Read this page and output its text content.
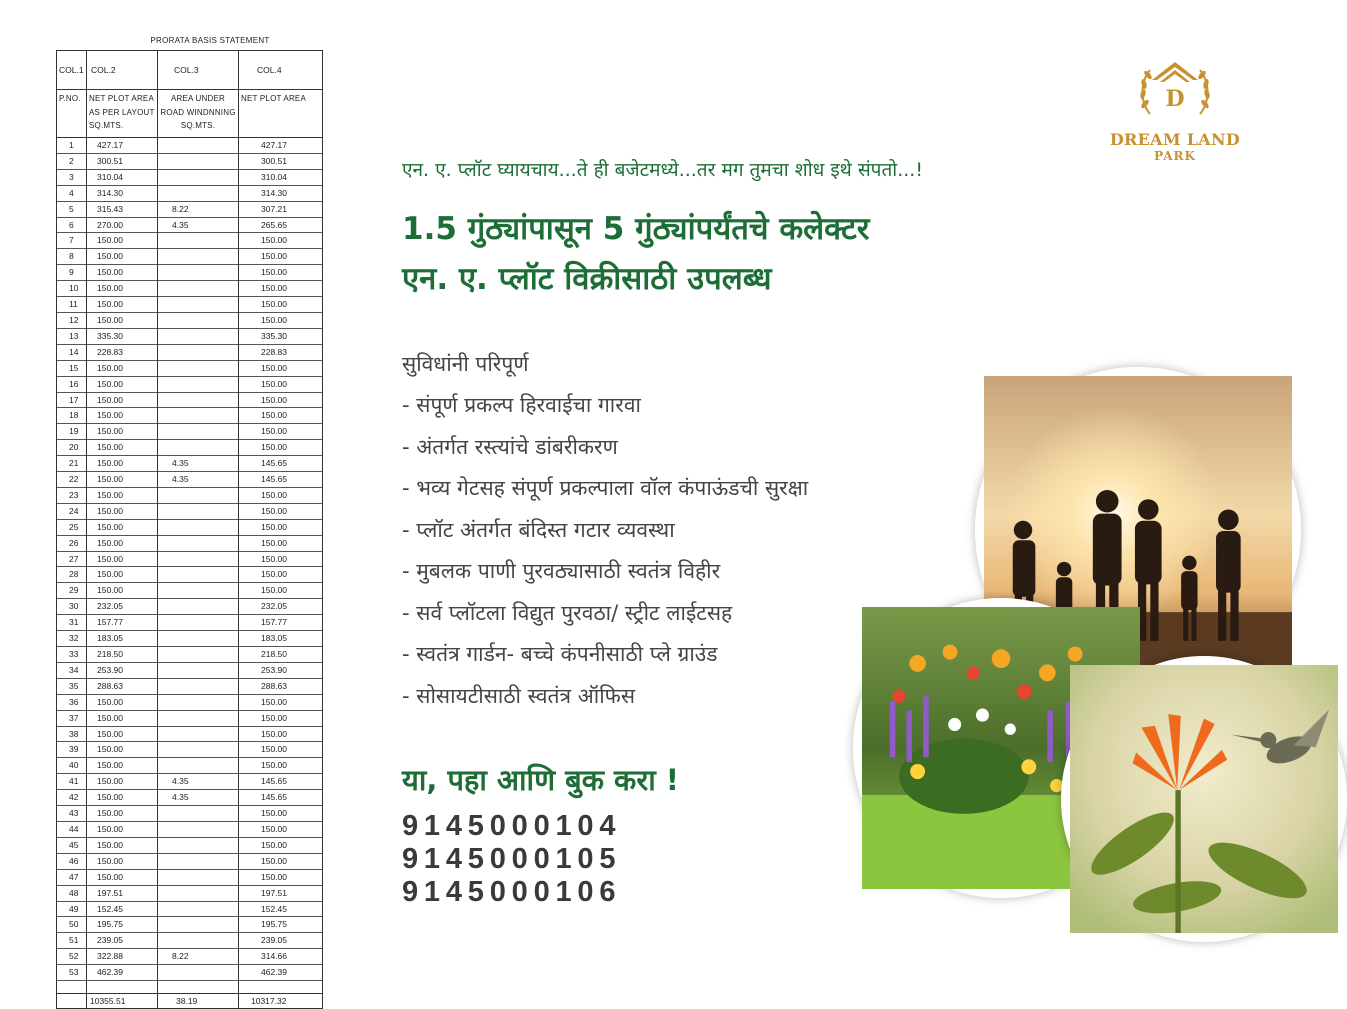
PRORATA BASIS STATEMENT
COL.1	COL.2	COL.3	COL.4
P.NO.	NET PLOT AREA AS PER LAYOUT SQ.MTS.	AREA UNDER ROAD WINDNNING SQ.MTS.	NET PLOT AREA
1	427.17		427.17
2	300.51		300.51
3	310.04		310.04
4	314.30		314.30
5	315.43	8.22	307.21
6	270.00	4.35	265.65
7	150.00		150.00
8	150.00		150.00
9	150.00		150.00
10	150.00		150.00
11	150.00		150.00
12	150.00		150.00
13	335.30		335.30
14	228.83		228.83
15	150.00		150.00
16	150.00		150.00
17	150.00		150.00
18	150.00		150.00
19	150.00		150.00
20	150.00		150.00
21	150.00	4.35	145.65
22	150.00	4.35	145.65
23	150.00		150.00
24	150.00		150.00
25	150.00		150.00
26	150.00		150.00
27	150.00		150.00
28	150.00		150.00
29	150.00		150.00
30	232.05		232.05
31	157.77		157.77
32	183.05		183.05
33	218.50		218.50
34	253.90		253.90
35	288.63		288.63
36	150.00		150.00
37	150.00		150.00
38	150.00		150.00
39	150.00		150.00
40	150.00		150.00
41	150.00	4.35	145.65
42	150.00	4.35	145.65
43	150.00		150.00
44	150.00		150.00
45	150.00		150.00
46	150.00		150.00
47	150.00		150.00
48	197.51		197.51
49	152.45		152.45
50	195.75		195.75
51	239.05		239.05
52	322.88	8.22	314.66
53	462.39		462.39

	10355.51	38.19	10317.32
D
DREAM LAND
PARK
एन. ए. प्लॉट घ्यायचाय...ते ही बजेटमध्ये...तर मग तुमचा शोध इथे संपतो...!
1.5 गुंठ्यांपासून 5 गुंठ्यांपर्यंतचे कलेक्टर
एन. ए. प्लॉट विक्रीसाठी उपलब्ध
सुविधांनी परिपूर्ण
- संपूर्ण प्रकल्प हिरवाईचा गारवा
- अंतर्गत रस्त्यांचे डांबरीकरण
- भव्य गेटसह संपूर्ण प्रकल्पाला वॉल कंपाऊंडची सुरक्षा
- प्लॉट अंतर्गत बंदिस्त गटार व्यवस्था
- मुबलक पाणी पुरवठ्यासाठी स्वतंत्र विहीर
- सर्व प्लॉटला विद्युत पुरवठा/ स्ट्रीट लाईटसह
- स्वतंत्र गार्डन- बच्चे कंपनीसाठी प्ले ग्राउंड
- सोसायटीसाठी स्वतंत्र ऑफिस
या, पहा आणि बुक करा !
9145000104
9145000105
9145000106
